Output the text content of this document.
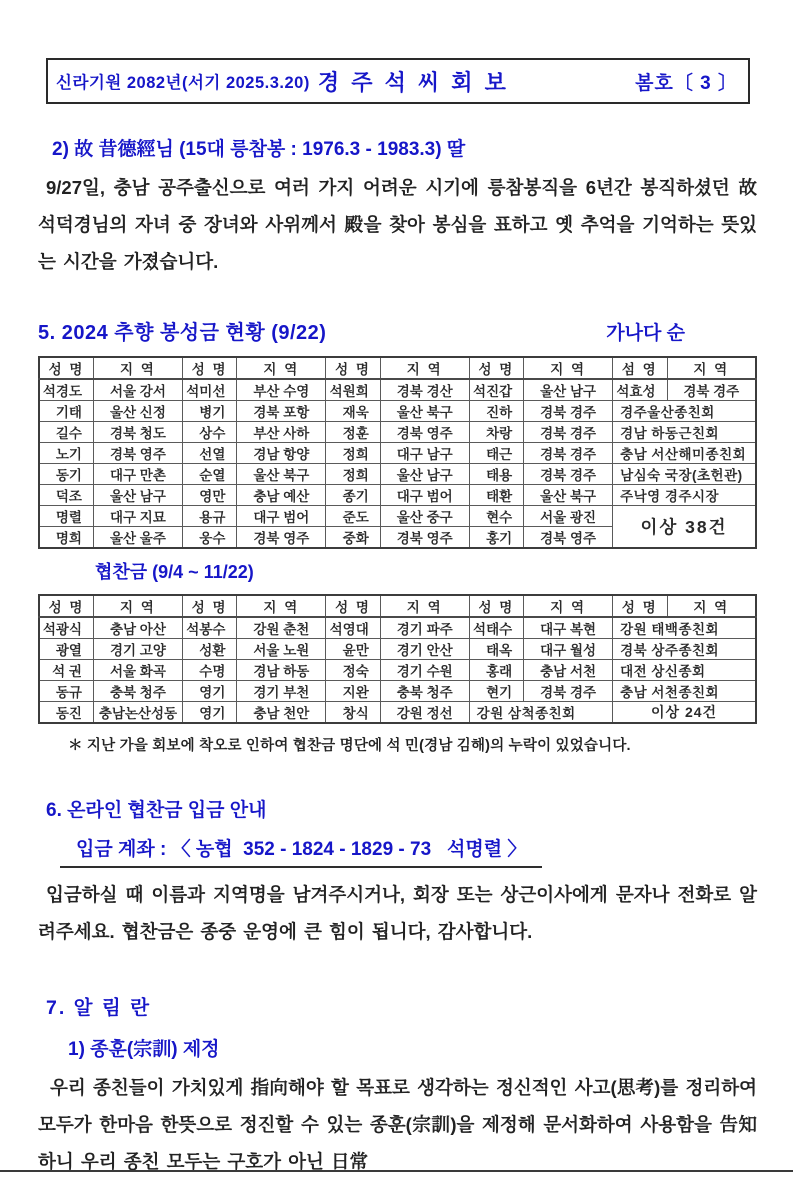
신라기원 2082년(서기 2025.3.20) 경 주 석 씨 회 보	봄호〔 3 〕
2) 故 昔德經님 (15대 릉참봉 : 1976.3 - 1983.3) 딸
9/27일, 충남 공주출신으로 여러 가지 어려운 시기에 릉참봉직을 6년간 봉직하셨던 故 석덕경님의 자녀 중 장녀와 사위께서 殿을 찾아 봉심을 표하고 옛 추억을 기억하는 뜻있는 시간을 가졌습니다.
5. 2024 추향 봉성금 현황 (9/22)	가나다 순
성 명	지 역	성 명	지 역	성 명	지 역	성 명	지 역	섬 영	지 역
석경도	서울 강서	석미선	부산 수영	석원희	경북 경산	석진갑	울산 남구	석효성	경북 경주
기태	울산 신정	병기	경북 포항	재욱	울산 북구	진하	경북 경주	경주울산종친회	
길수	경북 청도	상수	부산 사하	정훈	경북 영주	차랑	경북 경주	경남 하동근친회	
노기	경북 영주	선열	경남 항양	정희	대구 남구	태근	경북 경주	충남 서산해미종친회	
동기	대구 만촌	순열	울산 북구	정희	울산 남구	태용	경북 경주	남심숙 국장(초헌관)	
덕조	울산 남구	영만	충남 예산	종기	대구 범어	태환	울산 북구	주낙영 경주시장	
명렬	대구 지묘	용규	대구 범어	준도	울산 중구	현수	서울 광진	이상 38건	
명희	울산 울주	웅수	경북 영주	중화	경북 영주	홍기	경북 영주		
협찬금 (9/4 ~ 11/22)
성 명	지 역	성 명	지 역	성 명	지 역	성 명	지 역	성 명	지 역
석광식	충남 아산	석봉수	강원 춘천	석영대	경기 파주	석태수	대구 복현	강원 태백종친회	
광열	경기 고양	성환	서울 노원	윤만	경기 안산	태옥	대구 월성	경북 상주종친회	
석 권	서울 화곡	수명	경남 하동	정숙	경기 수원	홍래	충남 서천	대전 상신종회	
동규	충북 청주	영기	경기 부천	지완	충북 청주	현기	경북 경주	충남 서천종친회	
동진	충남논산성동	영기	충남 천안	창식	강원 정선	강원 삼척종친회		이상 24건	
＊ 지난 가을 회보에 착오로 인하여 협찬금 명단에 석 민(경남 김해)의 누락이 있었습니다.
6. 온라인 협찬금 입금 안내
입금 계좌 : 〈 농협  352 - 1824 - 1829 - 73   석명렬 〉
입금하실 때 이름과 지역명을 남겨주시거나, 회장 또는 상근이사에게 문자나 전화로 알려주세요. 협찬금은 종중 운영에 큰 힘이 됩니다, 감사합니다.
7. 알 림 란
1) 종훈(宗訓) 제정
우리 종친들이 가치있게 指向해야 할 목표로 생각하는 정신적인 사고(思考)를 정리하여 모두가 한마음 한뜻으로 정진할 수 있는 종훈(宗訓)을 제정해 문서화하여 사용함을 告知하니 우리 종친 모두는 구호가 아닌 日常
